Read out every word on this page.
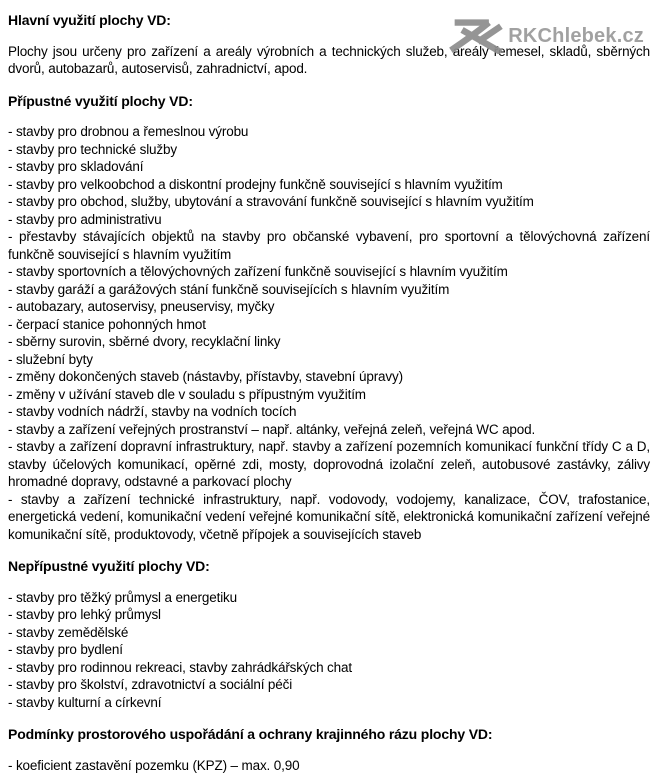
RKChlebek.cz
Hlavní využití plochy VD:

Plochy jsou určeny pro zařízení a areály výrobních a technických služeb, areály řemesel, skladů, sběrných dvorů, autobazarů, autoservisů, zahradnictví, apod.

Přípustné využití plochy VD:
- stavby pro drobnou a řemeslnou výrobu
- stavby pro technické služby
- stavby pro skladování
- stavby pro velkoobchod a diskontní prodejny funkčně související s hlavním využitím
- stavby pro obchod, služby, ubytování a stravování funkčně související s hlavním využitím
- stavby pro administrativu
- přestavby stávajících objektů na stavby pro občanské vybavení, pro sportovní a tělovýchovná zařízení funkčně související s hlavním využitím
- stavby sportovních a tělovýchovných zařízení funkčně související s hlavním využitím
- stavby garáží a garážových stání funkčně souvisejících s hlavním využitím
- autobazary, autoservisy, pneuservisy, myčky
- čerpací stanice pohonných hmot
- sběrny surovin, sběrné dvory, recyklační linky
- služební byty
- změny dokončených staveb (nástavby, přístavby, stavební úpravy)
- změny v užívání staveb dle v souladu s přípustným využitím
- stavby vodních nádrží, stavby na vodních tocích
- stavby a zařízení veřejných prostranství – např. altánky, veřejná zeleň, veřejná WC apod.
- stavby a zařízení dopravní infrastruktury, např. stavby a zařízení pozemních komunikací funkční třídy C a D, stavby účelových komunikací, opěrné zdi, mosty, doprovodná izolační zeleň, autobusové zastávky, zálivy hromadné dopravy, odstavné a parkovací plochy
- stavby a zařízení technické infrastruktury, např. vodovody, vodojemy, kanalizace, ČOV, trafostanice, energetická vedení, komunikační vedení veřejné komunikační sítě, elektronická komunikační zařízení veřejné komunikační sítě, produktovody, včetně přípojek a souvisejících staveb
Nepřípustné využití plochy VD:
- stavby pro těžký průmysl a energetiku
- stavby pro lehký průmysl
- stavby zemědělské
- stavby pro bydlení
- stavby pro rodinnou rekreaci, stavby zahrádkářských chat
- stavby pro školství, zdravotnictví a sociální péči
- stavby kulturní a církevní
Podmínky prostorového uspořádání a ochrany krajinného rázu plochy VD:
- koeficient zastavění pozemku (KPZ) – max. 0,90
